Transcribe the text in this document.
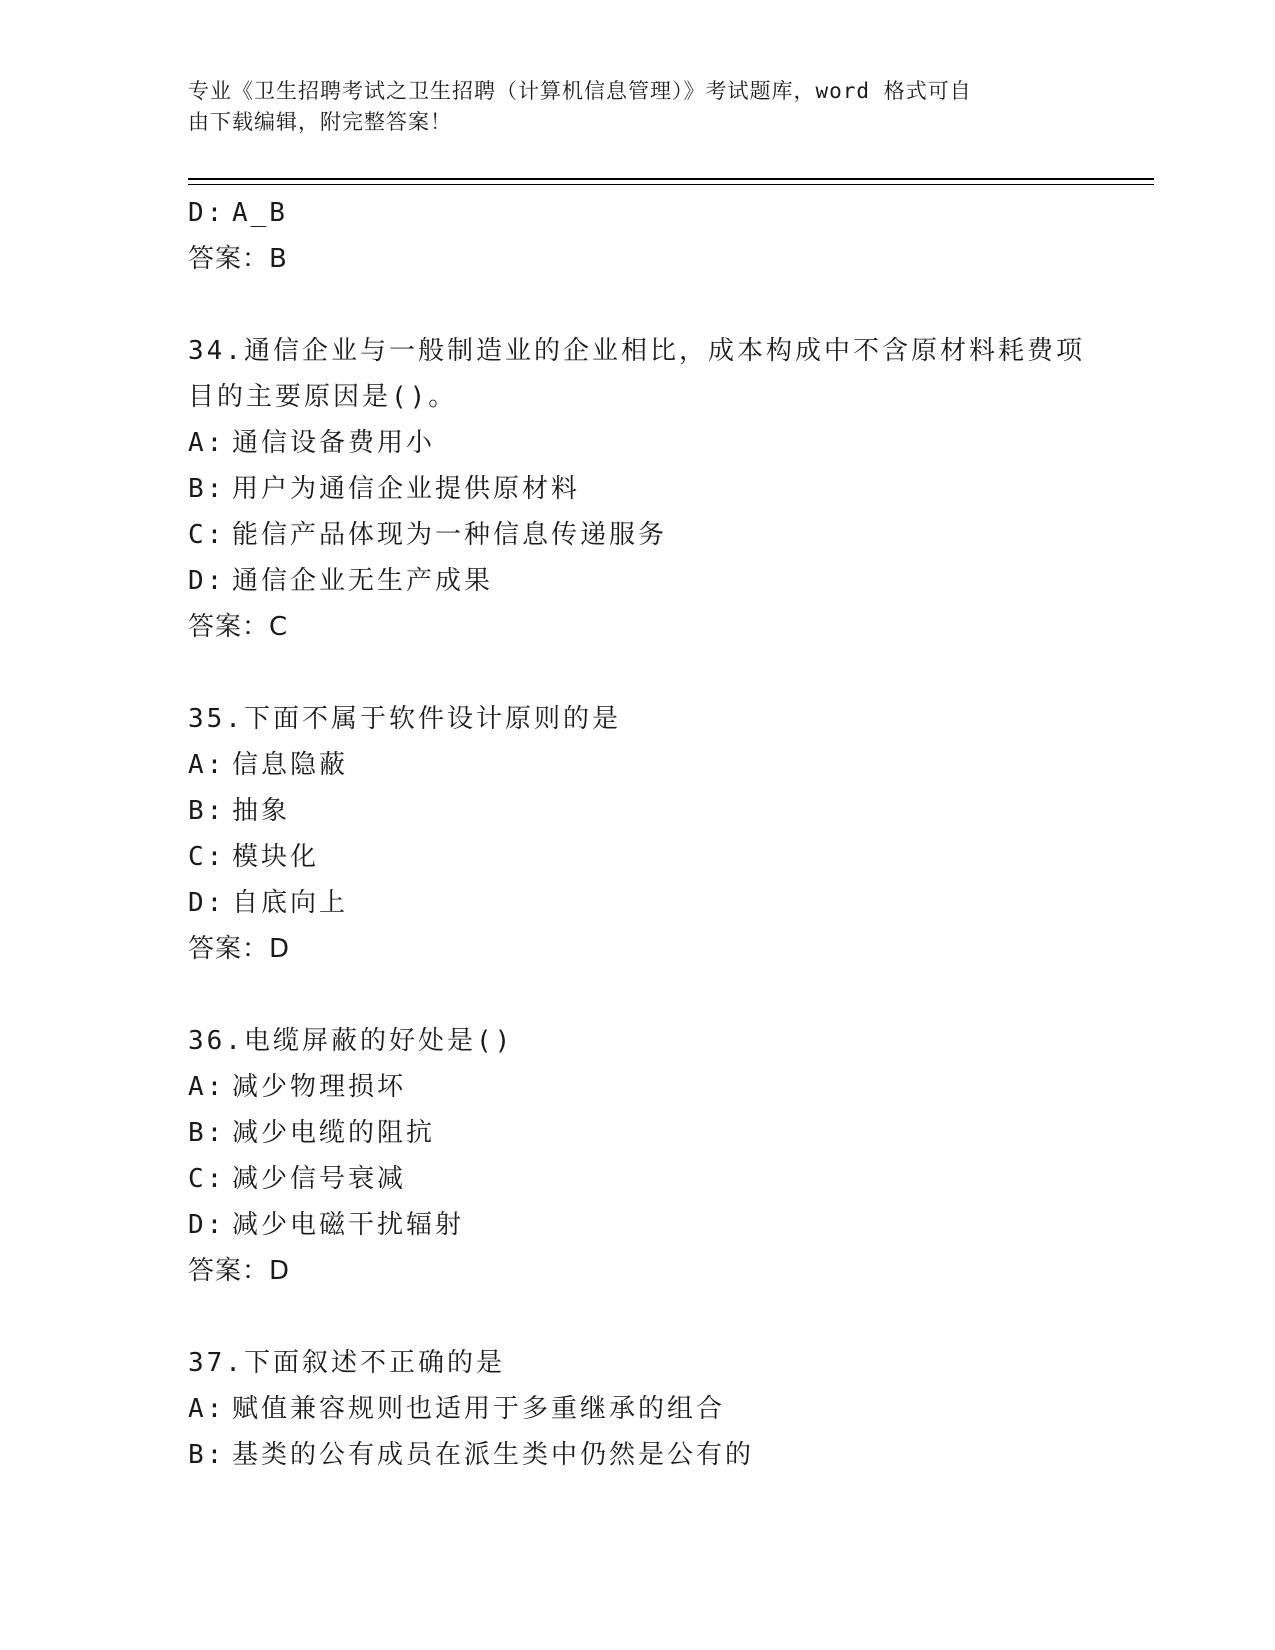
专业《卫生招聘考试之卫生招聘（计算机信息管理）》考试题库，word 格式可自
由下载编辑，附完整答案！
D: A_B
答案：B
34.通信企业与一般制造业的企业相比，成本构成中不含原材料耗费项
目的主要原因是()。
A: 通信设备费用小
B: 用户为通信企业提供原材料
C: 能信产品体现为一种信息传递服务
D: 通信企业无生产成果
答案：C
35.下面不属于软件设计原则的是
A: 信息隐蔽
B: 抽象
C: 模块化
D: 自底向上
答案：D
36.电缆屏蔽的好处是()
A: 减少物理损坏
B: 减少电缆的阻抗
C: 减少信号衰减
D: 减少电磁干扰辐射
答案：D
37.下面叙述不正确的是
A: 赋值兼容规则也适用于多重继承的组合
B: 基类的公有成员在派生类中仍然是公有的
